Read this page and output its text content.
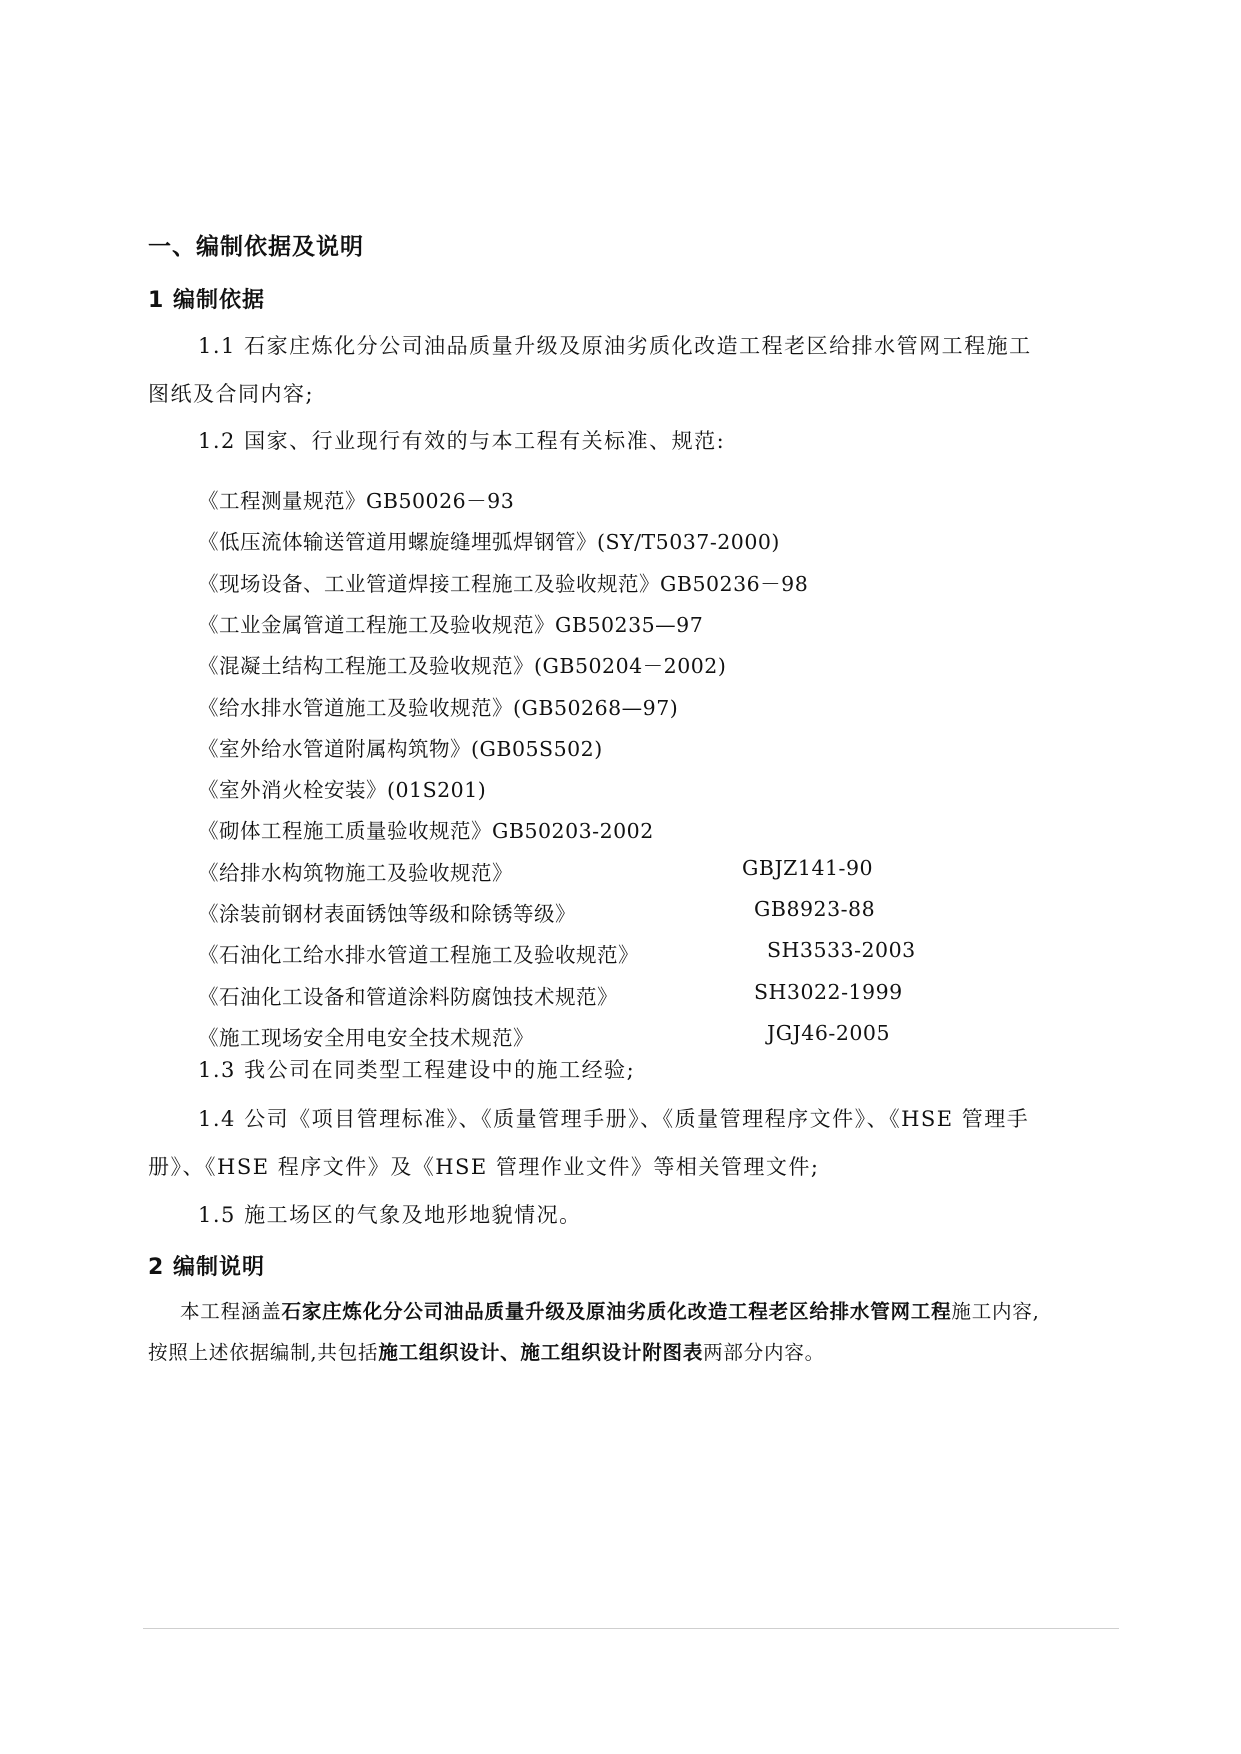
一、编制依据及说明
1 编制依据
1.1 石家庄炼化分公司油品质量升级及原油劣质化改造工程老区给排水管网工程施工
图纸及合同内容;
1.2 国家、行业现行有效的与本工程有关标准、规范:
《工程测量规范》GB50026－93
《低压流体输送管道用螺旋缝埋弧焊钢管》(SY/T5037-2000)
《现场设备、工业管道焊接工程施工及验收规范》GB50236－98
《工业金属管道工程施工及验收规范》GB50235—97
《混凝土结构工程施工及验收规范》(GB50204－2002)
《给水排水管道施工及验收规范》(GB50268—97)
《室外给水管道附属构筑物》(GB05S502)
《室外消火栓安装》(01S201)
《砌体工程施工质量验收规范》GB50203-2002
《给排水构筑物施工及验收规范》	GBJZ141-90
《涂装前钢材表面锈蚀等级和除锈等级》	GB8923-88
《石油化工给水排水管道工程施工及验收规范》	SH3533-2003
《石油化工设备和管道涂料防腐蚀技术规范》	SH3022-1999
《施工现场安全用电安全技术规范》	JGJ46-2005
1.3 我公司在同类型工程建设中的施工经验;
1.4 公司《项目管理标准》、《质量管理手册》、《质量管理程序文件》、《HSE 管理手
册》、《HSE 程序文件》及《HSE 管理作业文件》等相关管理文件;
1.5 施工场区的气象及地形地貌情况。
2 编制说明
本工程涵盖石家庄炼化分公司油品质量升级及原油劣质化改造工程老区给排水管网工程施工内容,
按照上述依据编制,共包括施工组织设计、施工组织设计附图表两部分内容。
